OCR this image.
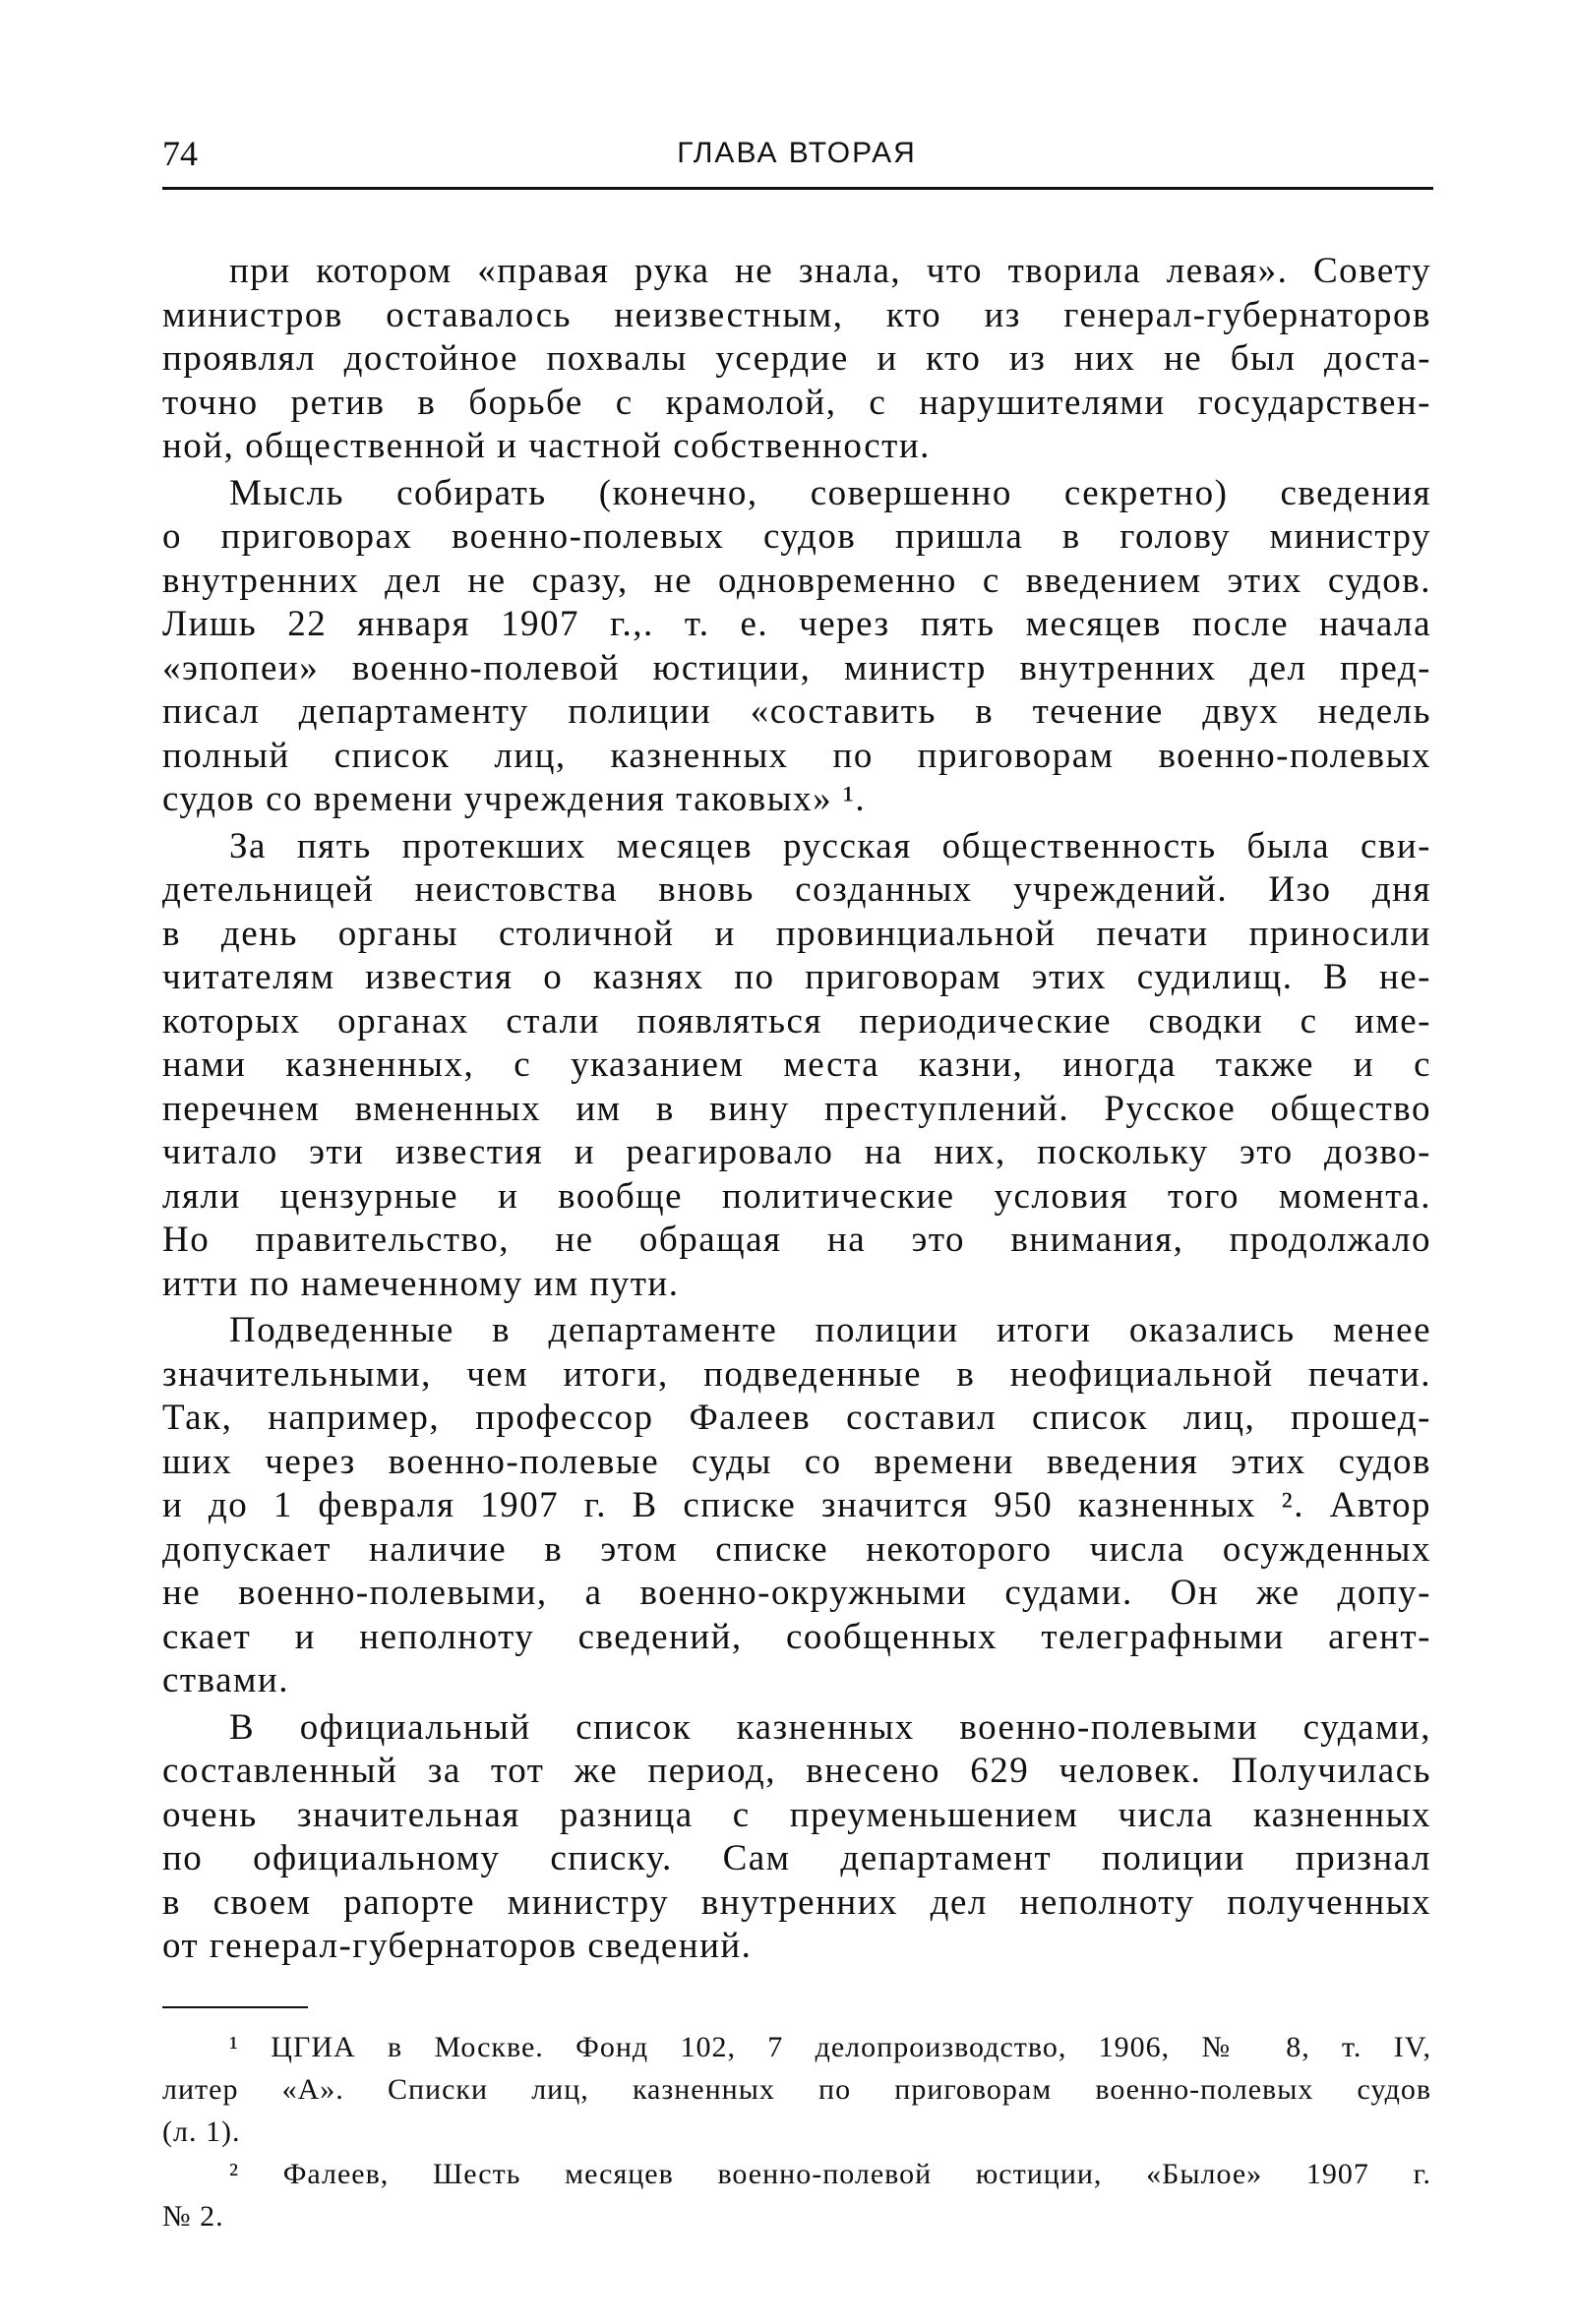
74	ГЛАВА ВТОРАЯ
при котором «правая рука не знала, что творила левая». Совету
министров оставалось неизвестным, кто из генерал-губернаторов
проявлял достойное похвалы усердие и кто из них не был доста-
точно ретив в борьбе с крамолой, с нарушителями государствен-
ной, общественной и частной собственности.
Мысль собирать (конечно, совершенно секретно) сведения
о приговорах военно-полевых судов пришла в голову министру
внутренних дел не сразу, не одновременно с введением этих судов.
Лишь 22 января 1907 г.,. т. е. через пять месяцев после начала
«эпопеи» военно-полевой юстиции, министр внутренних дел пред-
писал департаменту полиции «составить в течение двух недель
полный список лиц, казненных по приговорам военно-полевых
судов со времени учреждения таковых» ¹.
За пять протекших месяцев русская общественность была сви-
детельницей неистовства вновь созданных учреждений. Изо дня
в день органы столичной и провинциальной печати приносили
читателям известия о казнях по приговорам этих судилищ. В не-
которых органах стали появляться периодические сводки с име-
нами казненных, с указанием места казни, иногда также и с
перечнем вмененных им в вину преступлений. Русское общество
читало эти известия и реагировало на них, поскольку это дозво-
ляли цензурные и вообще политические условия того момента.
Но правительство, не обращая на это внимания, продолжало
итти по намеченному им пути.
Подведенные в департаменте полиции итоги оказались менее
значительными, чем итоги, подведенные в неофициальной печати.
Так, например, профессор Фалеев составил список лиц, прошед-
ших через военно-полевые суды со времени введения этих судов
и до 1 февраля 1907 г. В списке значится 950 казненных ². Автор
допускает наличие в этом списке некоторого числа осужденных
не военно-полевыми, а военно-окружными судами. Он же допу-
скает и неполноту сведений, сообщенных телеграфными агент-
ствами.
В официальный список казненных военно-полевыми судами,
составленный за тот же период, внесено 629 человек. Получилась
очень значительная разница с преуменьшением числа казненных
по официальному списку. Сам департамент полиции признал
в своем рапорте министру внутренних дел неполноту полученных
от генерал-губернаторов сведений.
¹ ЦГИА в Москве. Фонд 102, 7 делопроизводство, 1906, № 8, т. IV,
литер «А». Списки лиц, казненных по приговорам военно-полевых судов
(л. 1).
² Фалеев, Шесть месяцев военно-полевой юстиции, «Былое» 1907 г.
№ 2.
